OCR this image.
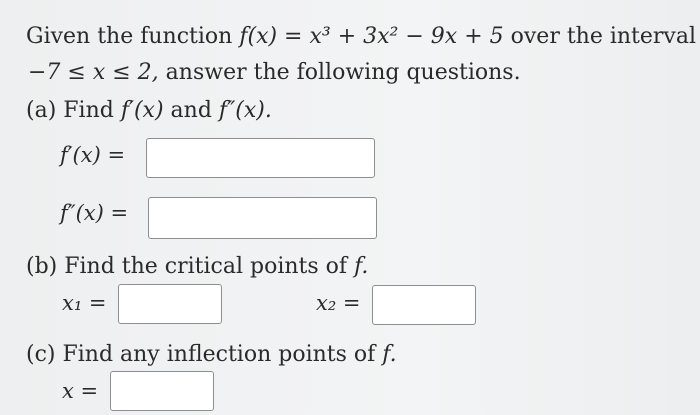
Given the function f(x) = x³ + 3x² − 9x + 5 over the interval
−7 ≤ x ≤ 2, answer the following questions.
(a) Find f′(x) and f″(x).
f′(x) =
f″(x) =
(b) Find the critical points of f.
x₁ =	x₂ =
(c) Find any inflection points of f.
x =
